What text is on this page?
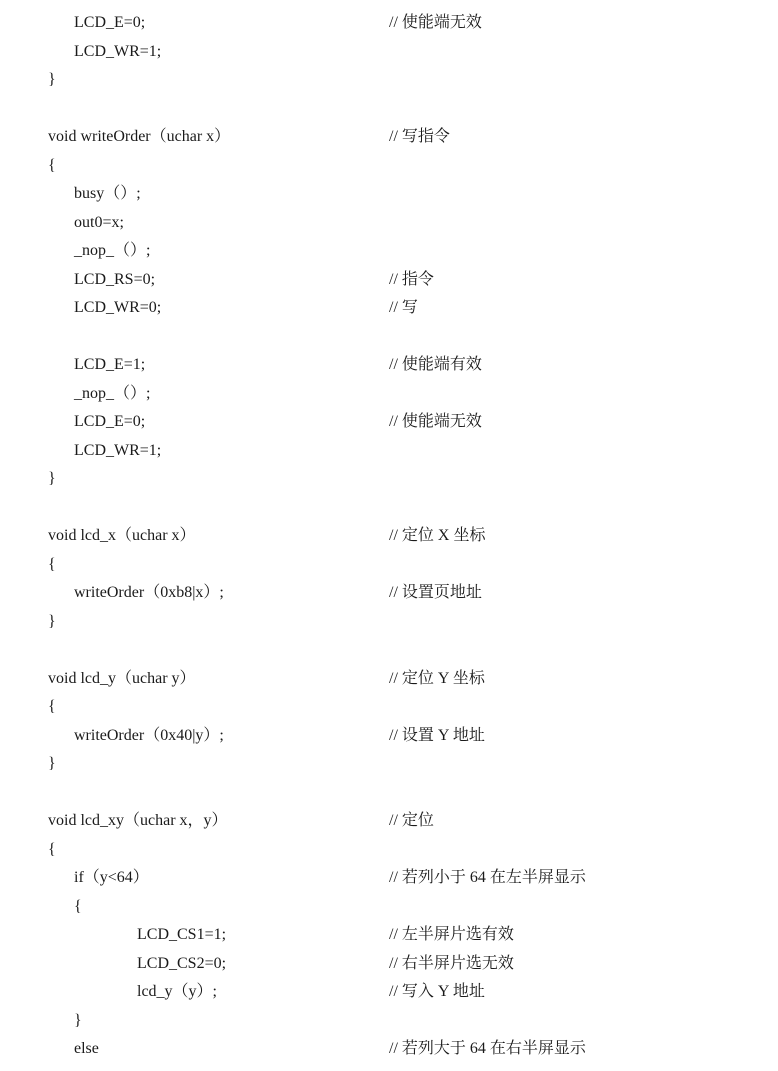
LCD_E=0;	// 使能端无效
LCD_WR=1;
}
void writeOrder（uchar x）	// 写指令
{
busy（）;
out0=x;
_nop_（）;
LCD_RS=0;	// 指令
LCD_WR=0;	// 写
LCD_E=1;	// 使能端有效
_nop_（）;
LCD_E=0;	// 使能端无效
LCD_WR=1;
}
void lcd_x（uchar x）	// 定位 X 坐标
{
writeOrder（0xb8|x）;	// 设置页地址
}
void lcd_y（uchar y）	// 定位 Y 坐标
{
writeOrder（0x40|y）;	// 设置 Y 地址
}
void lcd_xy（uchar x，y）	// 定位
{
if（y<64）	// 若列小于 64 在左半屏显示
{
LCD_CS1=1;	// 左半屏片选有效
LCD_CS2=0;	// 右半屏片选无效
lcd_y（y）;	// 写入 Y 地址
}
else	// 若列大于 64 在右半屏显示
